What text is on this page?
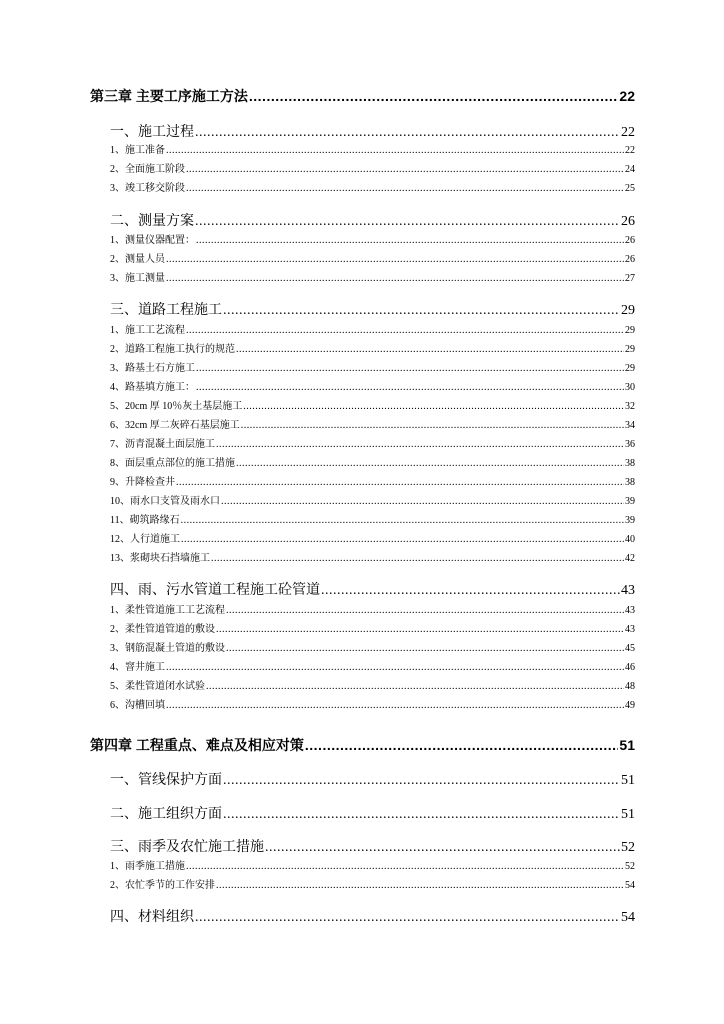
第三章 主要工序施工方法 .....	22
一、施工过程 .....	22
1、施工准备 .....	22
2、全面施工阶段 .....	24
3、竣工移交阶段 .....	25
二、测量方案 .....	26
1、测量仪器配置： .....	26
2、测量人员 .....	26
3、施工测量 .....	27
三、道路工程施工 .....	29
1、施工工艺流程 .....	29
2、道路工程施工执行的规范 .....	29
3、路基土石方施工 .....	29
4、路基填方施工： .....	30
5、20cm 厚 10％灰土基层施工 .....	32
6、32cm 厚二灰碎石基层施工 .....	34
7、沥青混凝土面层施工 .....	36
8、面层重点部位的施工措施 .....	38
9、升降检查井 .....	38
10、雨水口支管及雨水口 .....	39
11、砌筑路缘石 .....	39
12、人行道施工 .....	40
13、浆砌块石挡墙施工 .....	42
四、雨、污水管道工程施工砼管道 .....	43
1、柔性管道施工工艺流程 .....	43
2、柔性管道管道的敷设 .....	43
3、钢筋混凝土管道的敷设 .....	45
4、窨井施工 .....	46
5、柔性管道闭水试验 .....	48
6、沟槽回填 .....	49
第四章 工程重点、难点及相应对策 .....	51
一、管线保护方面 .....	51
二、施工组织方面 .....	51
三、雨季及农忙施工措施 .....	52
1、雨季施工措施 .....	52
2、农忙季节的工作安排 .....	54
四、材料组织 .....	54
